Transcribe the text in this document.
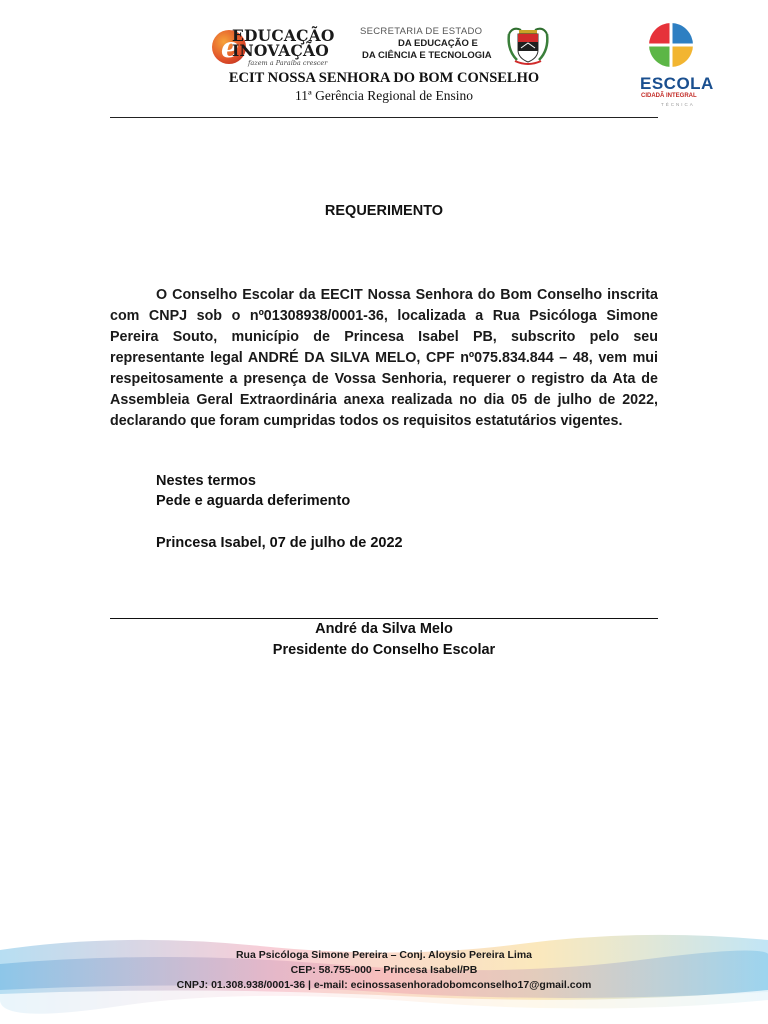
e
EDUCAÇÃO
INOVAÇÃO
fazem a Paraíba crescer
SECRETARIA DE ESTADO
DA EDUCAÇÃO E
DA CIÊNCIA E TECNOLOGIA
ESCOLA
CIDADÃ INTEGRAL
TÉCNICA
ECIT NOSSA SENHORA DO BOM CONSELHO
11ª Gerência Regional de Ensino
REQUERIMENTO
O Conselho Escolar da EECIT Nossa Senhora do Bom Conselho inscrita com CNPJ sob o nº01308938/0001-36, localizada a Rua Psicóloga Simone Pereira Souto, município de Princesa Isabel PB, subscrito pelo seu representante legal ANDRÉ DA SILVA MELO, CPF nº075.834.844 – 48, vem mui respeitosamente a presença de Vossa Senhoria, requerer o registro da Ata de Assembleia Geral Extraordinária anexa realizada no dia 05 de julho de 2022, declarando que foram cumpridas todos os requisitos estatutários vigentes.
Nestes termos
Pede e aguarda deferimento
Princesa Isabel, 07 de julho de 2022
André da Silva Melo
Presidente do Conselho Escolar
Rua Psicóloga Simone Pereira – Conj. Aloysio Pereira Lima
CEP: 58.755-000 – Princesa Isabel/PB
CNPJ: 01.308.938/0001-36 | e-mail: ecinossasenhoradobomconselho17@gmail.com
